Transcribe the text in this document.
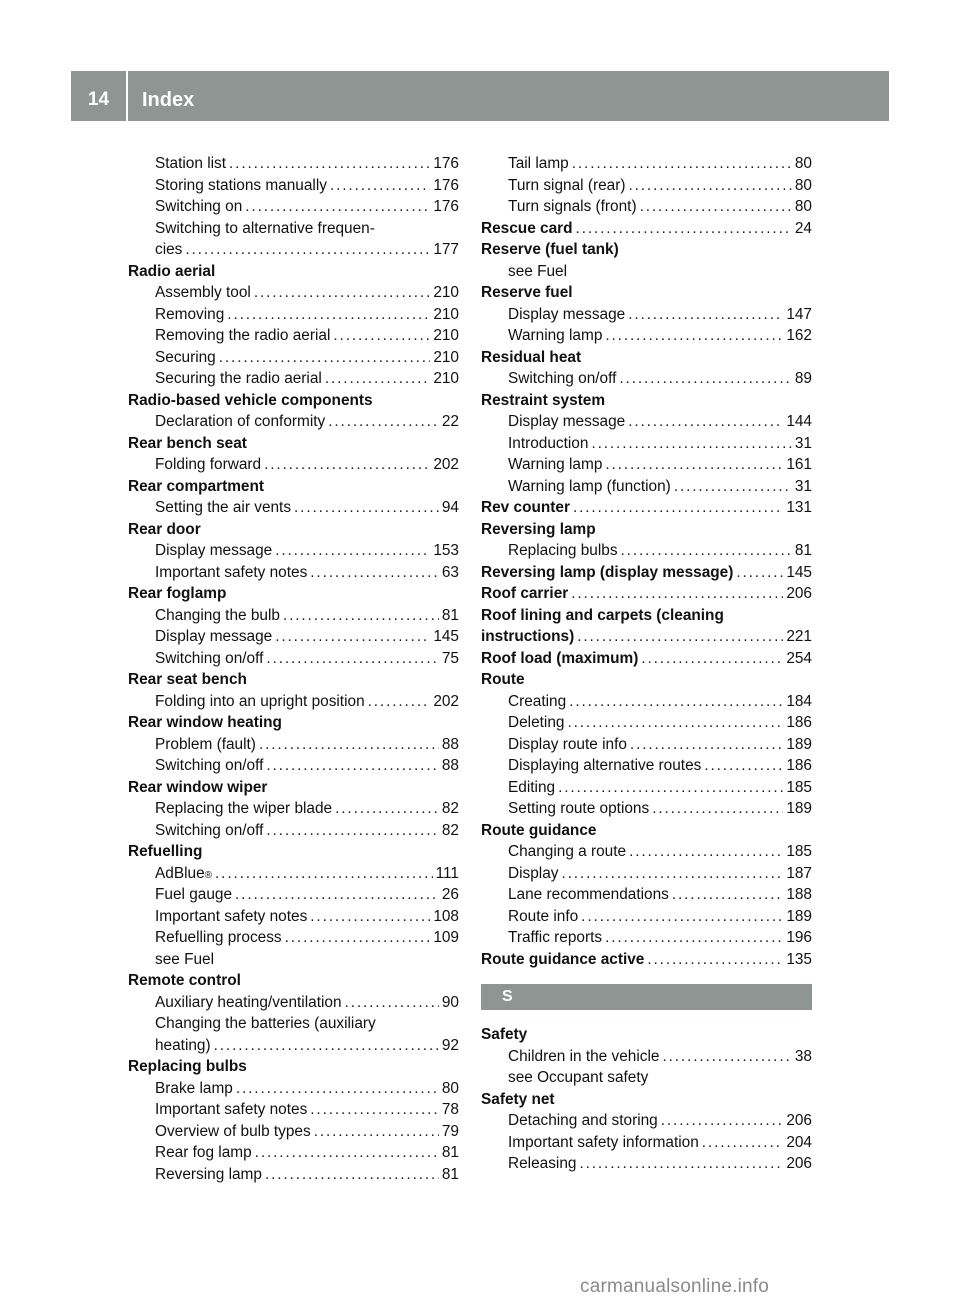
14	Index
Station list . . .	176
Storing stations manually . . .	176
Switching on . . .	176
Switching to alternative frequen-
cies . . .	177
Radio aerial
Assembly tool . . .	210
Removing . . .	210
Removing the radio aerial . . .	210
Securing . . .	210
Securing the radio aerial . . .	210
Radio-based vehicle components
Declaration of conformity . . .	22
Rear bench seat
Folding forward . . .	202
Rear compartment
Setting the air vents . . .	94
Rear door
Display message . . .	153
Important safety notes . . .	63
Rear foglamp
Changing the bulb . . .	81
Display message . . .	145
Switching on/off . . .	75
Rear seat bench
Folding into an upright position . . .	202
Rear window heating
Problem (fault) . . .	88
Switching on/off . . .	88
Rear window wiper
Replacing the wiper blade . . .	82
Switching on/off . . .	82
Refuelling
AdBlue ® . . .	111
Fuel gauge . . .	26
Important safety notes . . .	108
Refuelling process . . .	109
see Fuel
Remote control
Auxiliary heating/ventilation . . .	90
Changing the batteries (auxiliary
heating) . . .	92
Replacing bulbs
Brake lamp . . .	80
Important safety notes . . .	78
Overview of bulb types . . .	79
Rear fog lamp . . .	81
Reversing lamp . . .	81
Tail lamp . . .	80
Turn signal (rear) . . .	80
Turn signals (front) . . .	80
Rescue card . . .	24
Reserve (fuel tank)
see Fuel
Reserve fuel
Display message . . .	147
Warning lamp . . .	162
Residual heat
Switching on/off . . .	89
Restraint system
Display message . . .	144
Introduction . . .	31
Warning lamp . . .	161
Warning lamp (function) . . .	31
Rev counter . . .	131
Reversing lamp
Replacing bulbs . . .	81
Reversing lamp (display message) . . .	145
Roof carrier . . .	206
Roof lining and carpets (cleaning
instructions) . . .	221
Roof load (maximum) . . .	254
Route
Creating . . .	184
Deleting . . .	186
Display route info . . .	189
Displaying alternative routes . . .	186
Editing . . .	185
Setting route options . . .	189
Route guidance
Changing a route . . .	185
Display . . .	187
Lane recommendations . . .	188
Route info . . .	189
Traffic reports . . .	196
Route guidance active . . .	135
S
Safety
Children in the vehicle . . .	38
see Occupant safety
Safety net
Detaching and storing . . .	206
Important safety information . . .	204
Releasing . . .	206
carmanualsonline.info
